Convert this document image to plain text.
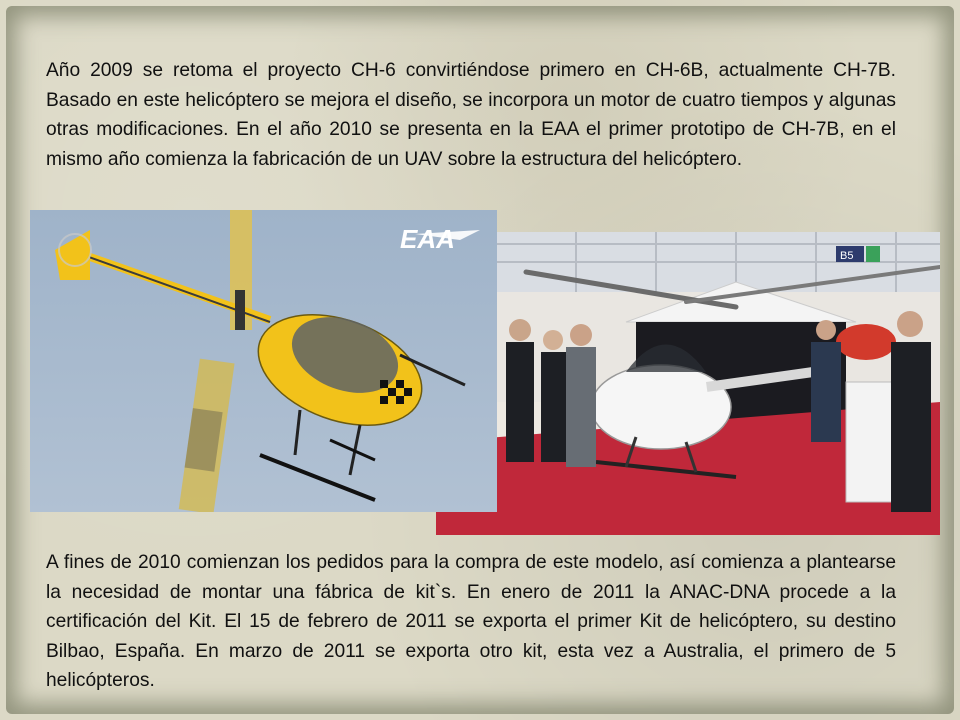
Año 2009 se retoma el proyecto CH-6 convirtiéndose primero en CH-6B, actualmente CH-7B. Basado en este helicóptero se mejora el diseño, se incorpora un motor de cuatro tiempos y algunas otras modificaciones. En el año 2010 se presenta en la EAA el primer prototipo de CH-7B, en el mismo año comienza la fabricación de un UAV sobre la estructura del helicóptero.

B5
EAA

A fines de 2010 comienzan los pedidos para la compra de este modelo, así comienza a plantearse la necesidad de montar una fábrica de kit`s. En enero de 2011 la ANAC-DNA procede a la certificación del Kit. El 15 de febrero de 2011 se exporta el primer Kit de helicóptero, su destino Bilbao, España. En marzo de 2011 se exporta otro kit, esta vez a Australia, el primero de 5 helicópteros.
